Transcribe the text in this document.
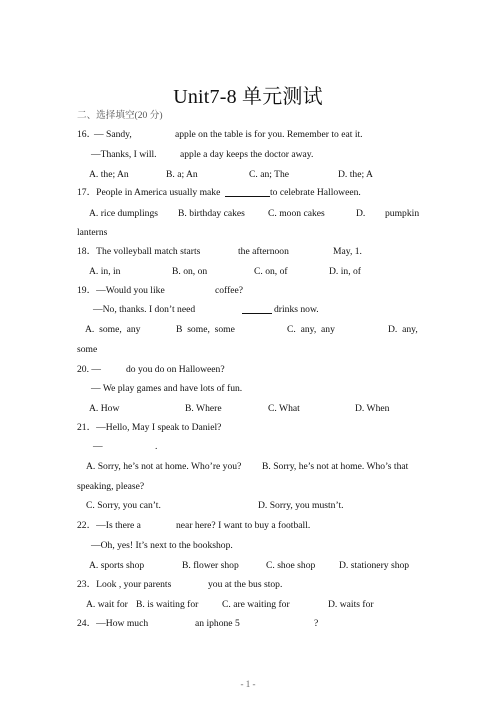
Unit7-8 单元测试
二、选择填空(20 分)
16．
— Sandy,	apple on the table is for you. Remember to eat it.
—Thanks, I will. apple a day keeps the doctor away.
A. the; An	B. a; An	C. an; The	D. the; A
17．People in America usually make	to celebrate Halloween.
A. rice dumplings B. birthday cakes C. moon cakes	D. pumpkin
lanterns
18．The volleyball match starts	the afternoon	May, 1.
A. in, in	B. on, on	C. on, of	D. in, of
19．—Would you like	coffee?
—No, thanks. I don’t need	drinks now.
A.  some,  any	B  some,  some	C.  any,  any	D.  any,
some
20. —	do you do on Halloween?
— We play games and have lots of fun.
A. How	B. Where	C. What	D. When
21．—Hello, May I speak to Daniel?
—	.
A. Sorry, he’s not at home. Who’re you? B. Sorry, he’s not at home. Who’s that
speaking, please?
C. Sorry, you can’t.	D. Sorry, you mustn’t.
22．—Is there a	near here? I want to buy a football.
—Oh, yes! It’s next to the bookshop.
A. sports shop	B. flower shop	C. shoe shop D. stationery shop
23．Look , your parents	you at the bus stop.
A. wait for B. is waiting for C. are waiting for	D. waits for
24．—How much	an iphone 5	?
- 1 -
